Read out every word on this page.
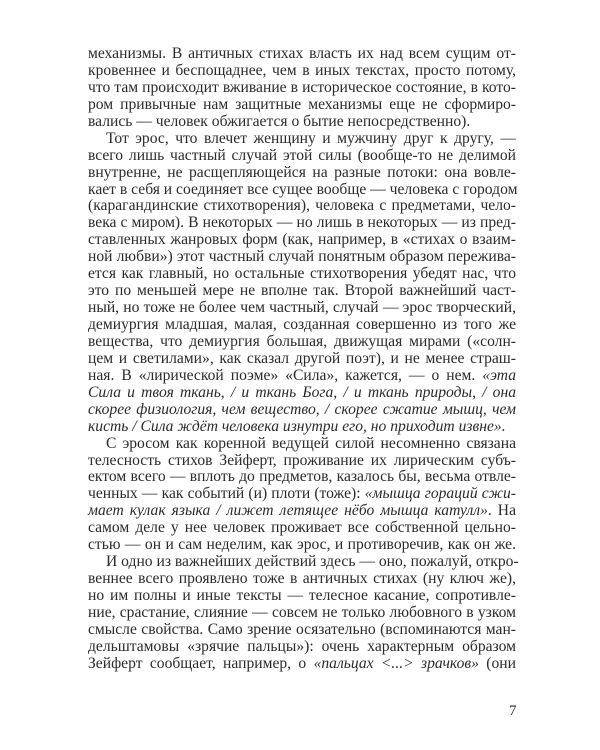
механизмы. В античных стихах власть их над всем сущим от-
кровеннее и беспощаднее, чем в иных текстах, просто потому,
что там происходит вживание в историческое состояние, в кото-
ром привычные нам защитные механизмы еще не сформиро-
вались — человек обжигается о бытие непосредственно).
Тот эрос, что влечет женщину и мужчину друг к другу, —
всего лишь частный случай этой силы (вообще-то не делимой
внутренне, не расщепляющейся на разные потоки: она вовле-
кает в себя и соединяет все сущее вообще — человека с городом
(карагандинские стихотворения), человека с предметами, чело-
века с миром). В некоторых — но лишь в некоторых — из пред-
ставленных жанровых форм (как, например, в «стихах о взаим-
ной любви») этот частный случай понятным образом пережива-
ется как главный, но остальные стихотворения убедят нас, что
это по меньшей мере не вполне так. Второй важнейший част-
ный, но тоже не более чем частный, случай — эрос творческий,
демиургия младшая, малая, созданная совершенно из того же
вещества, что демиургия большая, движущая мирами («солн-
цем и светилами», как сказал другой поэт), и не менее страш-
ная. В «лирической поэме» «Сила», кажется, — о нем. «эта
Сила и твоя ткань, / и ткань Бога, / и ткань природы, / она
скорее физиология, чем вещество, / скорее сжатие мышц, чем
кисть / Сила ждёт человека изнутри его, но приходит извне».
С эросом как коренной ведущей силой несомненно связана
телесность стихов Зейферт, проживание их лирическим субъ-
ектом всего — вплоть до предметов, казалось бы, весьма отвле-
ченных — как событий (и) плоти (тоже): «мышца гораций сжи-
мает кулак языка / лижет летящее нёбо мышца катулл». На
самом деле у нее человек проживает все собственной цельно-
стью — он и сам неделим, как эрос, и противоречив, как он же.
И одно из важнейших действий здесь — оно, пожалуй, откро-
веннее всего проявлено тоже в античных стихах (ну ключ же),
но им полны и иные тексты — телесное касание, сопротивле-
ние, срастание, слияние — совсем не только любовного в узком
смысле свойства. Само зрение осязательно (вспоминаются ман-
дельштамовы «зрячие пальцы»): очень характерным образом
Зейферт сообщает, например, о «пальцах <...> зрачков» (они
7
